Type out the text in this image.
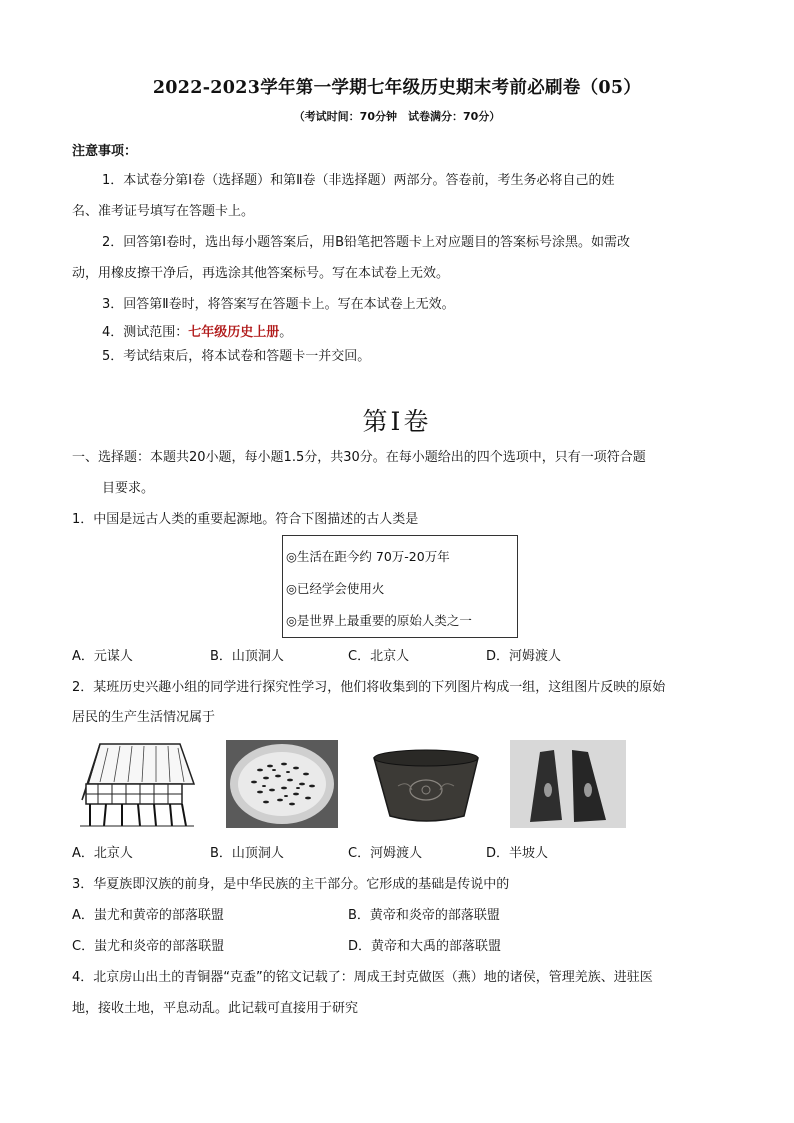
2022-2023学年第一学期七年级历史期末考前必刷卷（05）
（考试时间：70分钟　试卷满分：70分）
注意事项：
1．本试卷分第Ⅰ卷（选择题）和第Ⅱ卷（非选择题）两部分。答卷前，考生务必将自己的姓
名、准考证号填写在答题卡上。
2．回答第Ⅰ卷时，选出每小题答案后，用B铅笔把答题卡上对应题目的答案标号涂黑。如需改
动，用橡皮擦干净后，再选涂其他答案标号。写在本试卷上无效。
3．回答第Ⅱ卷时，将答案写在答题卡上。写在本试卷上无效。
4．测试范围：七年级历史上册。
5．考试结束后，将本试卷和答题卡一并交回。
第Ⅰ卷
一、选择题：本题共20小题，每小题1.5分，共30分。在每小题给出的四个选项中，只有一项符合题
目要求。
1．中国是远古人类的重要起源地。符合下图描述的古人类是
◎生活在距今约 70万-20万年
◎已经学会使用火
◎是世界上最重要的原始人类之一
A．元谋人	B．山顶洞人	C．北京人	D．河姆渡人
2．某班历史兴趣小组的同学进行探究性学习，他们将收集到的下列图片构成一组，这组图片反映的原始
居民的生产生活情况属于
A．北京人	B．山顶洞人	C．河姆渡人	D．半坡人
3．华夏族即汉族的前身，是中华民族的主干部分。它形成的基础是传说中的
A．蚩尤和黄帝的部落联盟	B．黄帝和炎帝的部落联盟
C．蚩尤和炎帝的部落联盟	D．黄帝和大禹的部落联盟
4．北京房山出土的青铜器“克盉”的铭文记载了：周成王封克做医（燕）地的诸侯，管理羌族、进驻医
地，接收土地，平息动乱。此记载可直接用于研究
